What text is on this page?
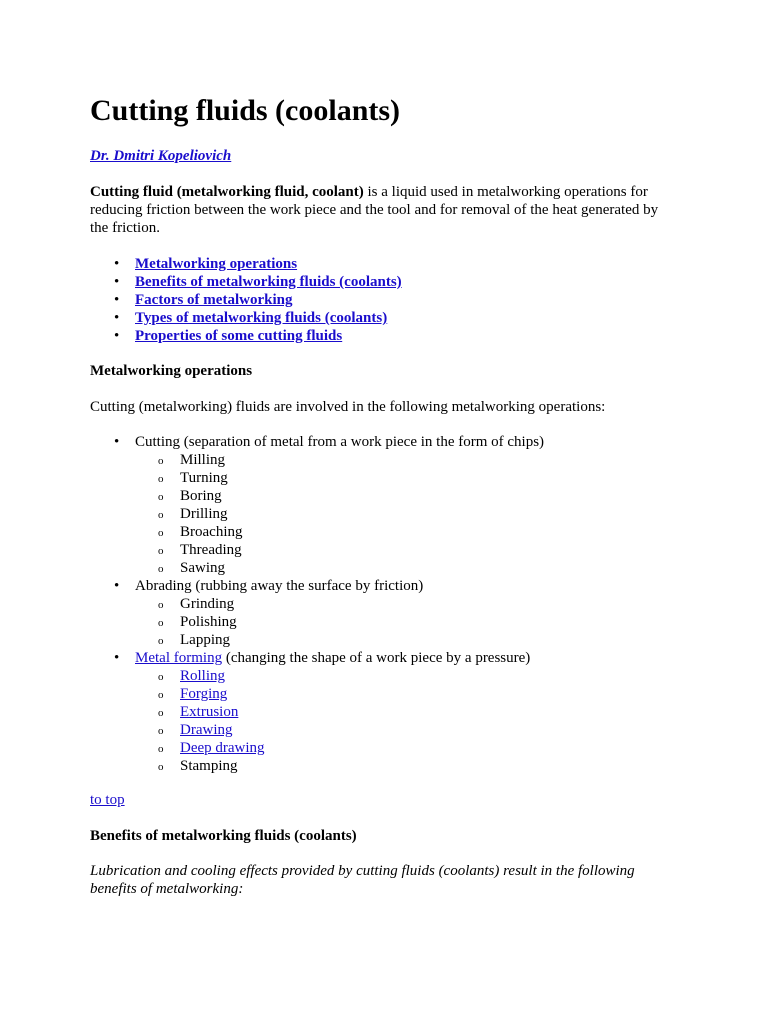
Cutting fluids (coolants)
Dr. Dmitri Kopeliovich
Cutting fluid (metalworking fluid, coolant) is a liquid used in metalworking operations for reducing friction between the work piece and the tool and for removal of the heat generated by the friction.
• Metalworking operations
• Benefits of metalworking fluids (coolants)
• Factors of metalworking
• Types of metalworking fluids (coolants)
• Properties of some cutting fluids
Metalworking operations
Cutting (metalworking) fluids are involved in the following metalworking operations:
• Cutting (separation of metal from a work piece in the form of chips)
o Milling
o Turning
o Boring
o Drilling
o Broaching
o Threading
o Sawing
• Abrading (rubbing away the surface by friction)
o Grinding
o Polishing
o Lapping
• Metal forming (changing the shape of a work piece by a pressure)
o Rolling
o Forging
o Extrusion
o Drawing
o Deep drawing
o Stamping
to top
Benefits of metalworking fluids (coolants)
Lubrication and cooling effects provided by cutting fluids (coolants) result in the following benefits of metalworking:
